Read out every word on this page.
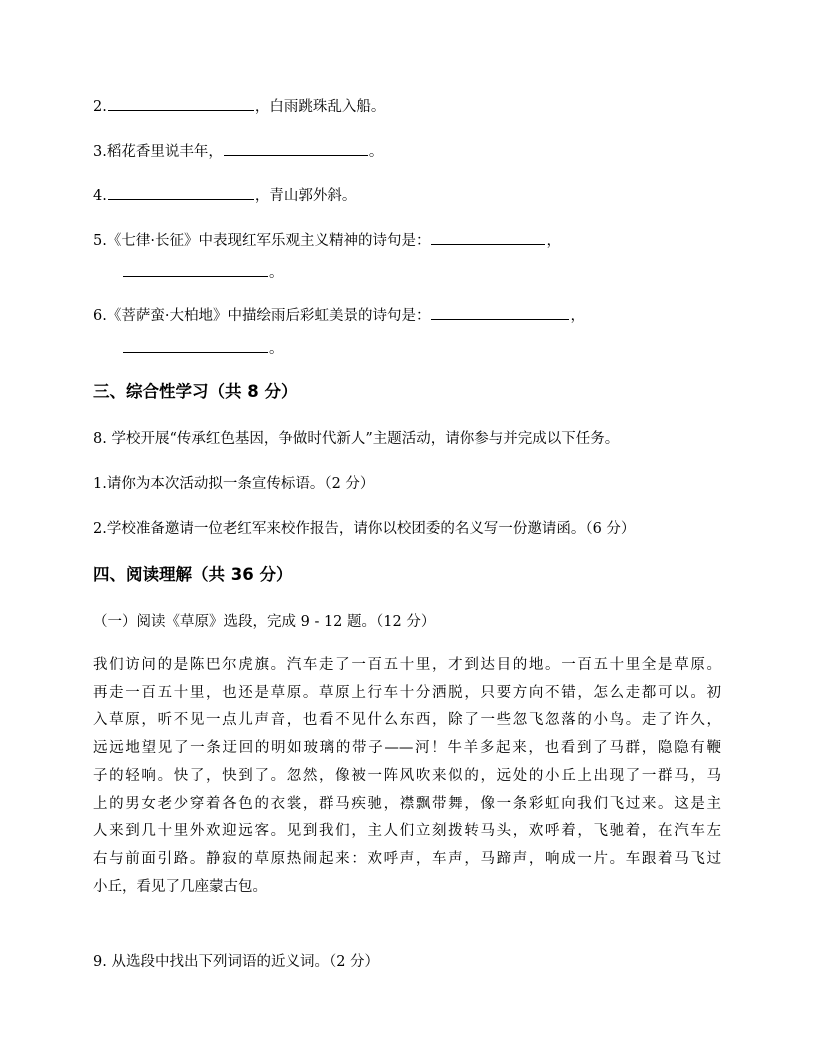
2.	，白雨跳珠乱入船。
3.稻花香里说丰年，	。
4.	，青山郭外斜。
5.《七律·长征》中表现红军乐观主义精神的诗句是：	，
。
6.《菩萨蛮·大柏地》中描绘雨后彩虹美景的诗句是：	，
。
三、综合性学习（共 8 分）
8. 学校开展“传承红色基因，争做时代新人”主题活动，请你参与并完成以下任务。
1.请你为本次活动拟一条宣传标语。（2 分）
2.学校准备邀请一位老红军来校作报告，请你以校团委的名义写一份邀请函。（6 分）
四、阅读理解（共 36 分）
（一）阅读《草原》选段，完成 9 - 12 题。（12 分）
我们访问的是陈巴尔虎旗。汽车走了一百五十里，才到达目的地。一百五十里全是草原。
再走一百五十里，也还是草原。草原上行车十分洒脱，只要方向不错，怎么走都可以。初
入草原，听不见一点儿声音，也看不见什么东西，除了一些忽飞忽落的小鸟。走了许久，
远远地望见了一条迂回的明如玻璃的带子——河！牛羊多起来，也看到了马群，隐隐有鞭
子的轻响。快了，快到了。忽然，像被一阵风吹来似的，远处的小丘上出现了一群马，马
上的男女老少穿着各色的衣裳，群马疾驰，襟飘带舞，像一条彩虹向我们飞过来。这是主
人来到几十里外欢迎远客。见到我们，主人们立刻拨转马头，欢呼着，飞驰着，在汽车左
右与前面引路。静寂的草原热闹起来：欢呼声，车声，马蹄声，响成一片。车跟着马飞过
小丘，看见了几座蒙古包。
9. 从选段中找出下列词语的近义词。（2 分）
